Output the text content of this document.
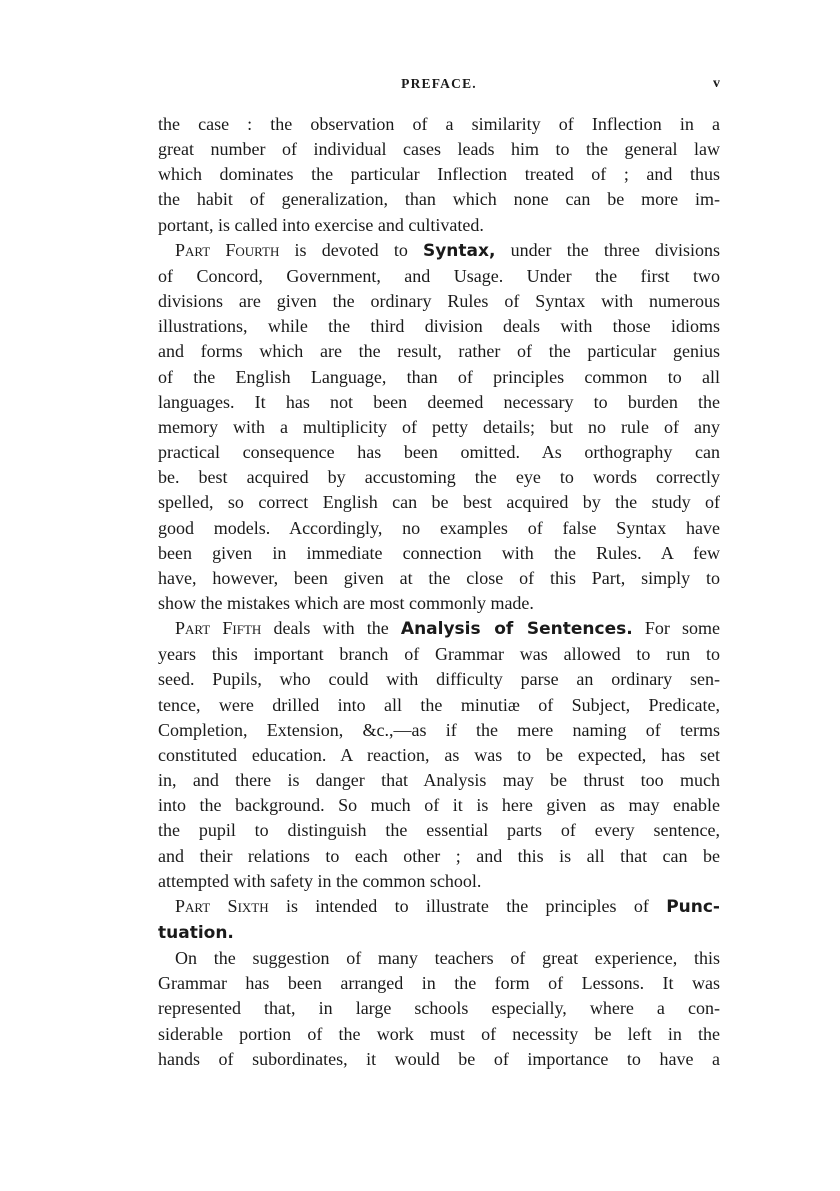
PREFACE.	v
the case : the observation of a similarity of Inflection in a
great number of individual cases leads him to the general law
which dominates the particular Inflection treated of ; and thus
the habit of generalization, than which none can be more im-
portant, is called into exercise and cultivated.
Part Fourth is devoted to Syntax, under the three divisions
of Concord, Government, and Usage. Under the first two
divisions are given the ordinary Rules of Syntax with numerous
illustrations, while the third division deals with those idioms
and forms which are the result, rather of the particular genius
of the English Language, than of principles common to all
languages. It has not been deemed necessary to burden the
memory with a multiplicity of petty details; but no rule of any
practical consequence has been omitted. As orthography can
be. best acquired by accustoming the eye to words correctly
spelled, so correct English can be best acquired by the study of
good models. Accordingly, no examples of false Syntax have
been given in immediate connection with the Rules. A few
have, however, been given at the close of this Part, simply to
show the mistakes which are most commonly made.
Part Fifth deals with the Analysis of Sentences. For some
years this important branch of Grammar was allowed to run to
seed. Pupils, who could with difficulty parse an ordinary sen-
tence, were drilled into all the minutiæ of Subject, Predicate,
Completion, Extension, &c.,—as if the mere naming of terms
constituted education. A reaction, as was to be expected, has set
in, and there is danger that Analysis may be thrust too much
into the background. So much of it is here given as may enable
the pupil to distinguish the essential parts of every sentence,
and their relations to each other ; and this is all that can be
attempted with safety in the common school.
Part Sixth is intended to illustrate the principles of Punc-
tuation.
On the suggestion of many teachers of great experience, this
Grammar has been arranged in the form of Lessons. It was
represented that, in large schools especially, where a con-
siderable portion of the work must of necessity be left in the
hands of subordinates, it would be of importance to have a
